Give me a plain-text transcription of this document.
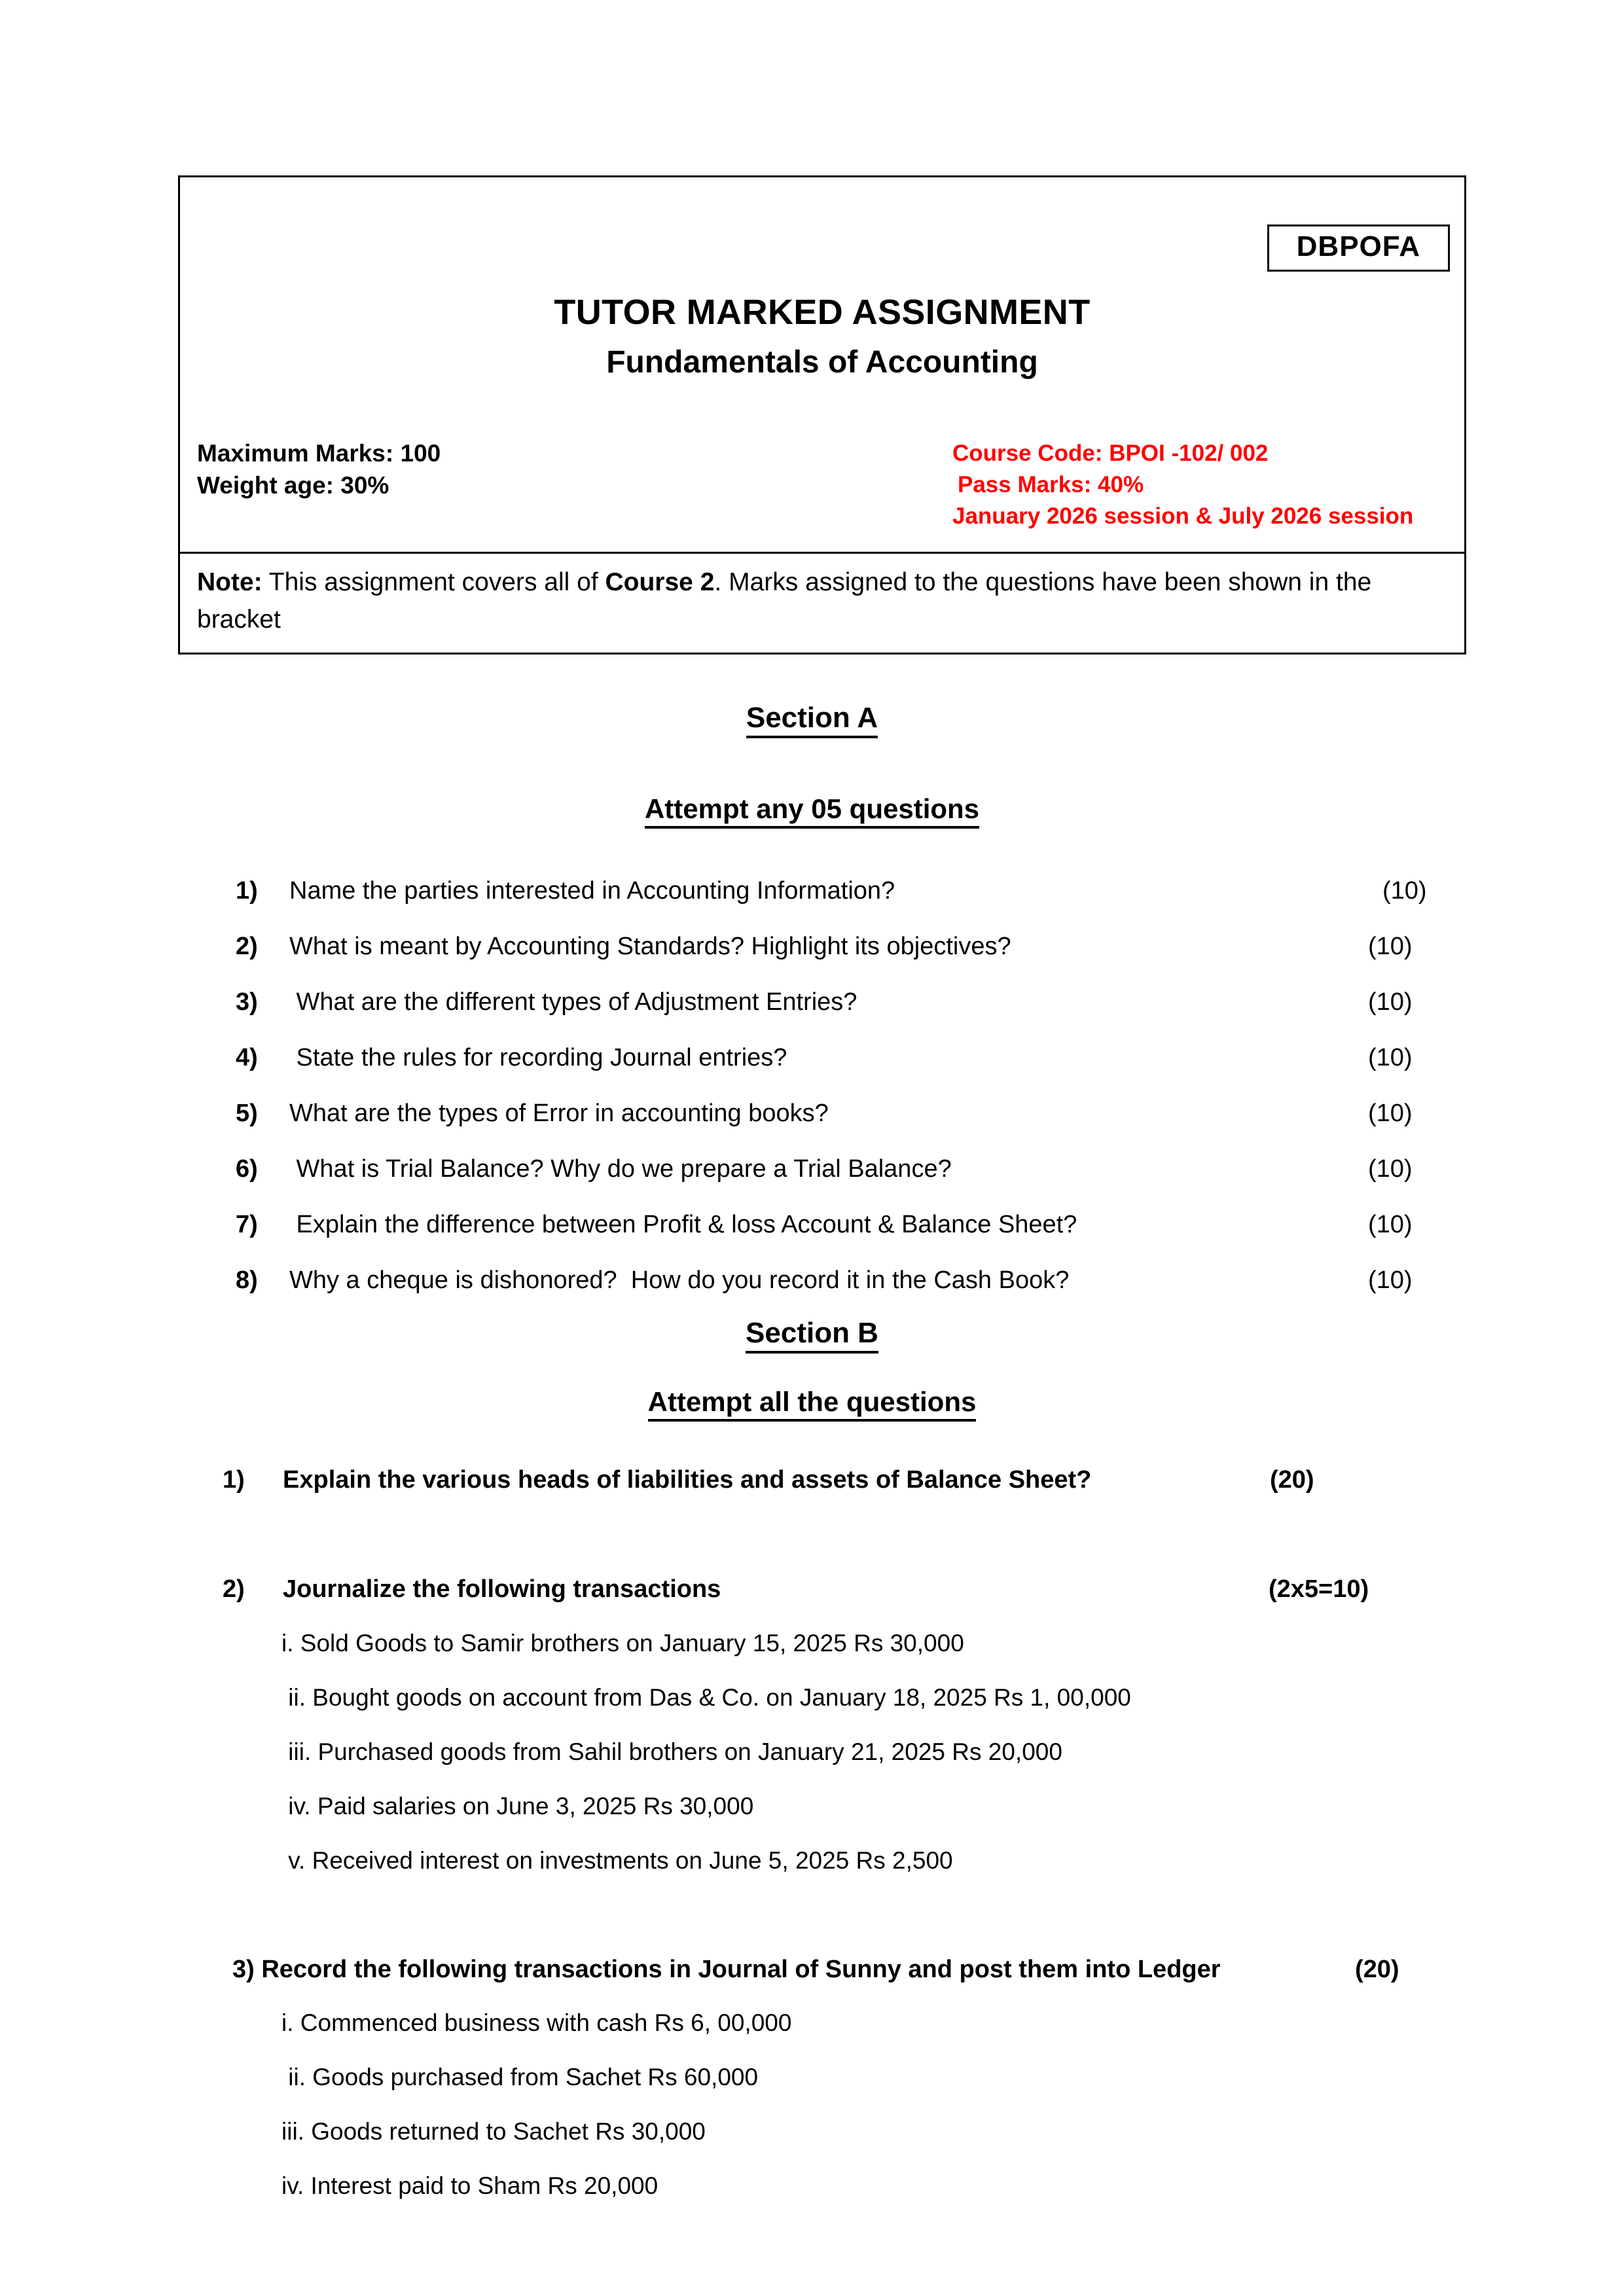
DBPOFA
TUTOR MARKED ASSIGNMENT
Fundamentals of Accounting
Maximum Marks: 100
Weight age: 30%
Course Code: BPOI -102/ 002
Pass Marks: 40%
January 2026 session & July 2026 session
Note: This assignment covers all of Course 2. Marks assigned to the questions have been shown in the bracket
Section A
Attempt any 05 questions
1) Name the parties interested in Accounting Information?	(10)
2) What is meant by Accounting Standards? Highlight its objectives?	(10)
3) What are the different types of Adjustment Entries?	(10)
4) State the rules for recording Journal entries?	(10)
5) What are the types of Error in accounting books?	(10)
6) What is Trial Balance? Why do we prepare a Trial Balance?	(10)
7) Explain the difference between Profit & loss Account & Balance Sheet?	(10)
8) Why a cheque is dishonored?  How do you record it in the Cash Book?	(10)
Section B
Attempt all the questions
1) Explain the various heads of liabilities and assets of Balance Sheet?	(20)
2) Journalize the following transactions	(2x5=10)
i. Sold Goods to Samir brothers on January 15, 2025 Rs 30,000
ii. Bought goods on account from Das & Co. on January 18, 2025 Rs 1, 00,000
iii. Purchased goods from Sahil brothers on January 21, 2025 Rs 20,000
iv. Paid salaries on June 3, 2025 Rs 30,000
v. Received interest on investments on June 5, 2025 Rs 2,500
3) Record the following transactions in Journal of Sunny and post them into Ledger	(20)
i. Commenced business with cash Rs 6, 00,000
ii. Goods purchased from Sachet Rs 60,000
iii. Goods returned to Sachet Rs 30,000
iv. Interest paid to Sham Rs 20,000
